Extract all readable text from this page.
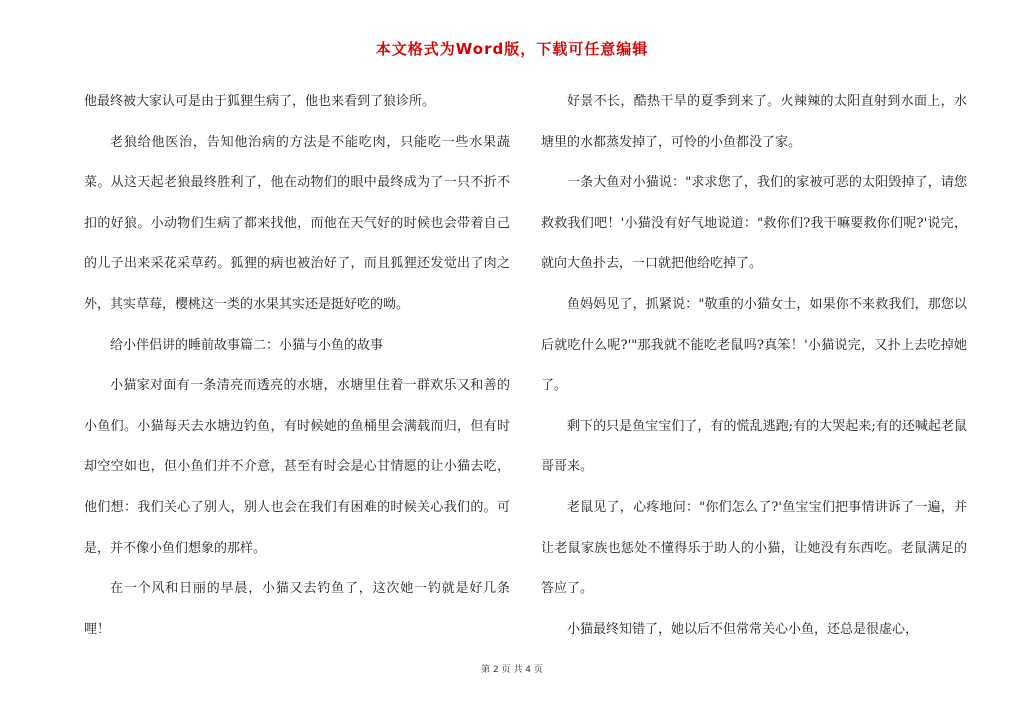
本文格式为Word版，下载可任意编辑

他最终被大家认可是由于狐狸生病了，他也来看到了狼诊所。

老狼给他医治，告知他治病的方法是不能吃肉，只能吃一些水果蔬菜。从这天起老狼最终胜利了，他在动物们的眼中最终成为了一只不折不扣的好狼。小动物们生病了都来找他，而他在天气好的时候也会带着自己的儿子出来采花采草药。狐狸的病也被治好了，而且狐狸还发觉出了肉之外，其实草莓，樱桃这一类的水果其实还是挺好吃的呦。

给小伴侣讲的睡前故事篇二：小猫与小鱼的故事

小猫家对面有一条清亮而透亮的水塘，水塘里住着一群欢乐又和善的小鱼们。小猫每天去水塘边钓鱼，有时候她的鱼桶里会满载而归，但有时却空空如也，但小鱼们并不介意，甚至有时会是心甘情愿的让小猫去吃，他们想：我们关心了别人，别人也会在我们有困难的时候关心我们的。可是，并不像小鱼们想象的那样。

在一个风和日丽的早晨，小猫又去钓鱼了，这次她一钓就是好几条哩！

好景不长，酷热干旱的夏季到来了。火辣辣的太阳直射到水面上，水塘里的水都蒸发掉了，可怜的小鱼都没了家。

一条大鱼对小猫说："求求您了，我们的家被可恶的太阳毁掉了，请您救救我们吧！'小猫没有好气地说道："救你们?我干嘛要救你们呢?'说完，就向大鱼扑去，一口就把他给吃掉了。

鱼妈妈见了，抓紧说："敬重的小猫女士，如果你不来救我们，那您以后就吃什么呢?'"那我就不能吃老鼠吗?真笨！'小猫说完，又扑上去吃掉她了。

剩下的只是鱼宝宝们了，有的慌乱逃跑;有的大哭起来;有的还喊起老鼠哥哥来。

老鼠见了，心疼地问："你们怎么了?'鱼宝宝们把事情讲诉了一遍，并让老鼠家族也惩处不懂得乐于助人的小猫，让她没有东西吃。老鼠满足的答应了。

小猫最终知错了，她以后不但常常关心小鱼，还总是很虚心，

第 2 页 共 4 页
